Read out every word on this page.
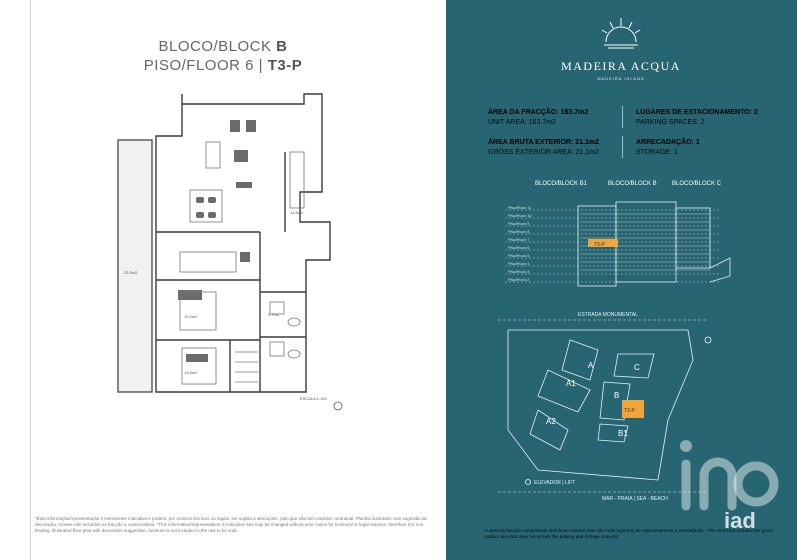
BLOCO/BLOCK B
PISO/FLOOR 6 | T3-P
23.5m2
10.2m2
13.8m2
14.6m2
4.7m2
ESCALA 1:100
*Esta informação/representação é meramente indicativa e poderá, por motivos técnicos ou legais, ser sujeita a alterações, pelo que não tem carácter contratual. Plantas ilustradas com sugestão de decoração, móveis não incluídos na fracção a comercializar. *This information/representation is indicative and may be changed without prior notice for technical or legal reasons, therefore it is non-binding. Illustrated floor plan with decoration suggestion, furniture is not included in the unit to be sold.
MADEIRA ACQUA
MADEIRA ISLAND
ÁREA DA FRACÇÃO: 163.7m2
UNIT AREA: 163.7m2
ÁREA BRUTA EXTERIOR: 21.1m2
GROSS EXTERIOR AREA: 21.1m2
LUGARES DE ESTACIONAMENTO: 2
PARKING SPACES: 2
ARRECADAÇÃO: 1
STORAGE: 1
BLOCO/BLOCK B1	BLOCO/BLOCK B	BLOCO/BLOCK C
Piso/Floor 11
Piso/Floor 10
Piso/Floor 9
Piso/Floor 8
Piso/Floor 7
Piso/Floor 6
Piso/Floor 5
Piso/Floor 4
Piso/Floor 3
Piso/Floor 2
T3-P
ESTRADA MONUMENTAL
A
A1
A2
B
B1
C
T3-P
ELEVADOR | LIFT
MAR - PRAIA | SEA - BEACH
iad
*A área da fracção compreende área bruta exterior mas não inclui lugar(es) de estacionamento e arrecadação. *The Unit Area includes the gross outdoor area but does not include the parking and storage space(s).
